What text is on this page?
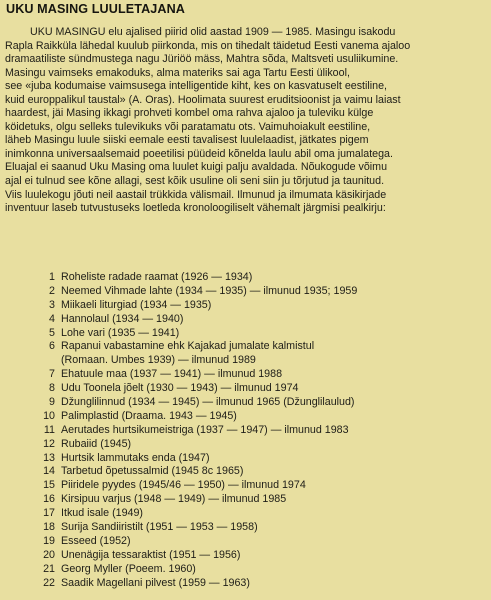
UKU MASING LUULETAJANA
UKU MASINGU elu ajalised piirid olid aastad 1909 — 1985. Masingu isakodu
Rapla Raikküla lähedal kuulub piirkonda, mis on tihedalt täidetud Eesti vanema ajaloo
dramaatiliste sündmustega nagu Jüriöö mäss, Mahtra sõda, Maltsveti usuliikumine.
Masingu vaimseks emakoduks, alma materiks sai aga Tartu Eesti ülikool,
see «juba kodumaise vaimsusega intelligentide kiht, kes on kasvatuselt eestiline,
kuid europpalikul taustal» (A. Oras). Hoolimata suurest eruditsioonist ja vaimu laiast
haardest, jäi Masing ikkagi prohveti kombel oma rahva ajaloo ja tuleviku külge
köidetuks, olgu selleks tulevikuks või paratamatu ots. Vaimuhoiakult eestiline,
läheb Masingu luule siiski eemale eesti tavalisest luulelaadist, jätkates pigem
inimkonna universaalsemaid poeetilisi püüdeid kõnelda laulu abil oma jumalatega.
Eluajal ei saanud Uku Masing oma luulet kuigi palju avaldada. Nõukogude võimu
ajal ei tulnud see kõne allagi, sest kõik usuline oli seni siin ju tõrjutud ja taunitud.
Viis luulekogu jõuti neil aastail trükkida välismail. Ilmunud ja ilmumata käsikirjade
inventuur laseb tutvustuseks loetleda kronoloogiliselt vähemalt järgmisi pealkirju:
1 Roheliste radade raamat (1926 — 1934)
2 Neemed Vihmade lahte (1934 — 1935) — ilmunud 1935; 1959
3 Miikaeli liturgiad (1934 — 1935)
4 Hannolaul (1934 — 1940)
5 Lohe vari (1935 — 1941)
6 Rapanui vabastamine ehk Kajakad jumalate kalmistul
(Romaan. Umbes 1939) — ilmunud 1989
7 Ehatuule maa (1937 — 1941) — ilmunud 1988
8 Udu Toonela jõelt (1930 — 1943) — ilmunud 1974
9 Džunglilinnud (1934 — 1945) — ilmunud 1965 (Džunglilaulud)
10 Palimplastid (Draama. 1943 — 1945)
11 Aerutades hurtsikumeistriga (1937 — 1947) — ilmunud 1983
12 Rubaiid (1945)
13 Hurtsik lammutaks enda (1947)
14 Tarbetud õpetussalmid (1945 8c 1965)
15 Piiridele pyydes (1945/46 — 1950) — ilmunud 1974
16 Kirsipuu varjus (1948 — 1949) — ilmunud 1985
17 Itkud isale (1949)
18 Surija Sandiiristilt (1951 — 1953 — 1958)
19 Esseed (1952)
20 Unenägija tessaraktist (1951 — 1956)
21 Georg Myller (Poeem. 1960)
22 Saadik Magellani pilvest (1959 — 1963)
